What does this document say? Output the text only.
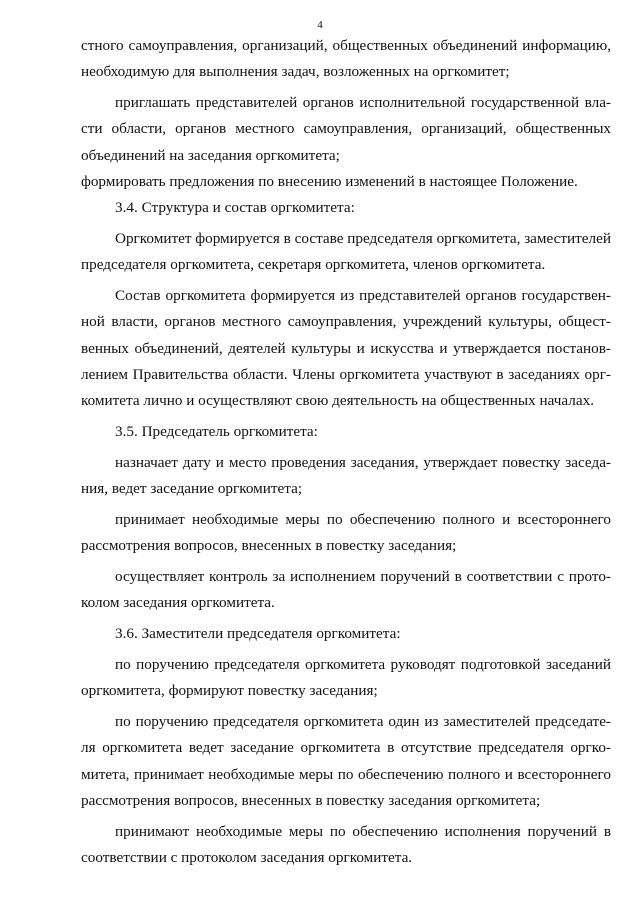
4
стного самоуправления, организаций, общественных объединений информацию,
необходимую для выполнения задач, возложенных на оргкомитет;
приглашать представителей органов исполнительной государственной вла-
сти области, органов местного самоуправления, организаций, общественных
объединений на заседания оргкомитета;
формировать предложения по внесению изменений в настоящее Положение.
3.4. Структура и состав оргкомитета:
Оргкомитет формируется в составе председателя оргкомитета, заместителей
председателя оргкомитета, секретаря оргкомитета, членов оргкомитета.
Состав оргкомитета формируется из представителей органов государствен-
ной власти, органов местного самоуправления, учреждений культуры, общест-
венных объединений, деятелей культуры и искусства и утверждается постанов-
лением Правительства области. Члены оргкомитета участвуют в заседаниях орг-
комитета лично и осуществляют свою деятельность на общественных началах.
3.5. Председатель оргкомитета:
назначает дату и место проведения заседания, утверждает повестку заседа-
ния, ведет заседание оргкомитета;
принимает необходимые меры по обеспечению полного и всестороннего
рассмотрения вопросов, внесенных в повестку заседания;
осуществляет контроль за исполнением поручений в соответствии с прото-
колом заседания оргкомитета.
3.6. Заместители председателя оргкомитета:
по поручению председателя оргкомитета руководят подготовкой заседаний
оргкомитета, формируют повестку заседания;
по поручению председателя оргкомитета один из заместителей председате-
ля оргкомитета ведет заседание оргкомитета в отсутствие председателя оргко-
митета, принимает необходимые меры по обеспечению полного и всестороннего
рассмотрения вопросов, внесенных в повестку заседания оргкомитета;
принимают необходимые меры по обеспечению исполнения поручений в
соответствии с протоколом заседания оргкомитета.
